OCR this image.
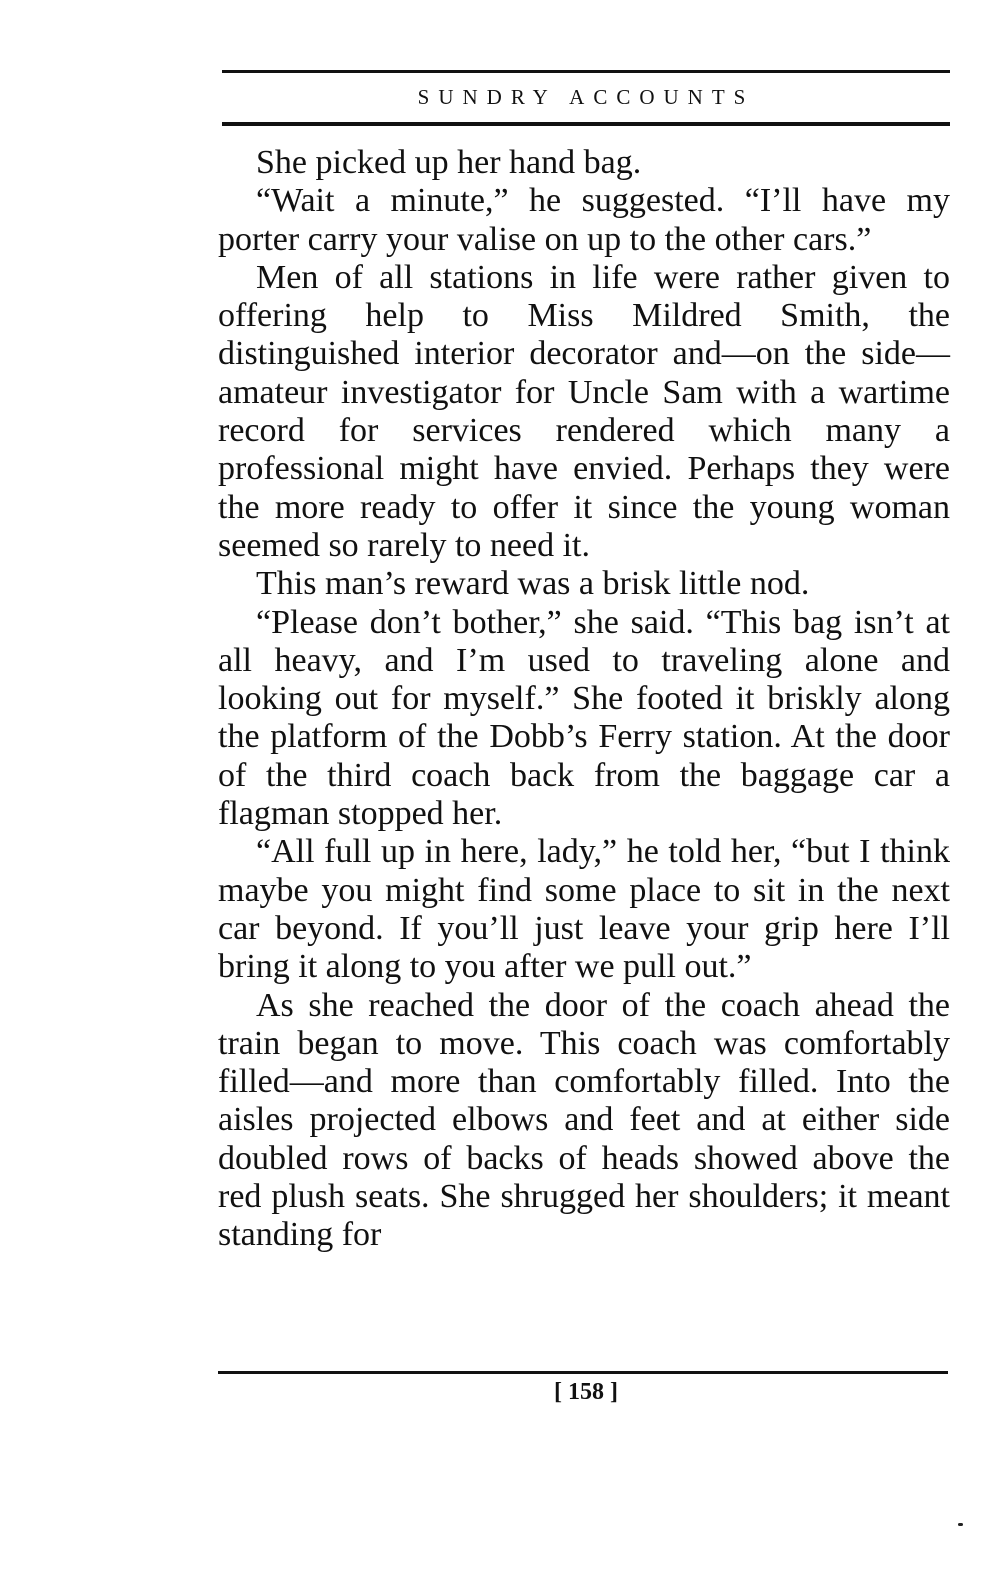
SUNDRY ACCOUNTS

She picked up her hand bag.

“Wait a minute,” he suggested. “I’ll have my porter carry your valise on up to the other cars.”

Men of all stations in life were rather given to offering help to Miss Mildred Smith, the distinguished interior decorator and—on the side—amateur investigator for Uncle Sam with a wartime record for services rendered which many a professional might have envied. Perhaps they were the more ready to offer it since the young woman seemed so rarely to need it.

This man’s reward was a brisk little nod.

“Please don’t bother,” she said. “This bag isn’t at all heavy, and I’m used to traveling alone and looking out for myself.” She footed it briskly along the platform of the Dobb’s Ferry station. At the door of the third coach back from the baggage car a flagman stopped her.

“All full up in here, lady,” he told her, “but I think maybe you might find some place to sit in the next car beyond. If you’ll just leave your grip here I’ll bring it along to you after we pull out.”

As she reached the door of the coach ahead the train began to move. This coach was comfortably filled—and more than comfortably filled. Into the aisles projected elbows and feet and at either side doubled rows of backs of heads showed above the red plush seats. She shrugged her shoulders; it meant standing for

[ 158 ]
